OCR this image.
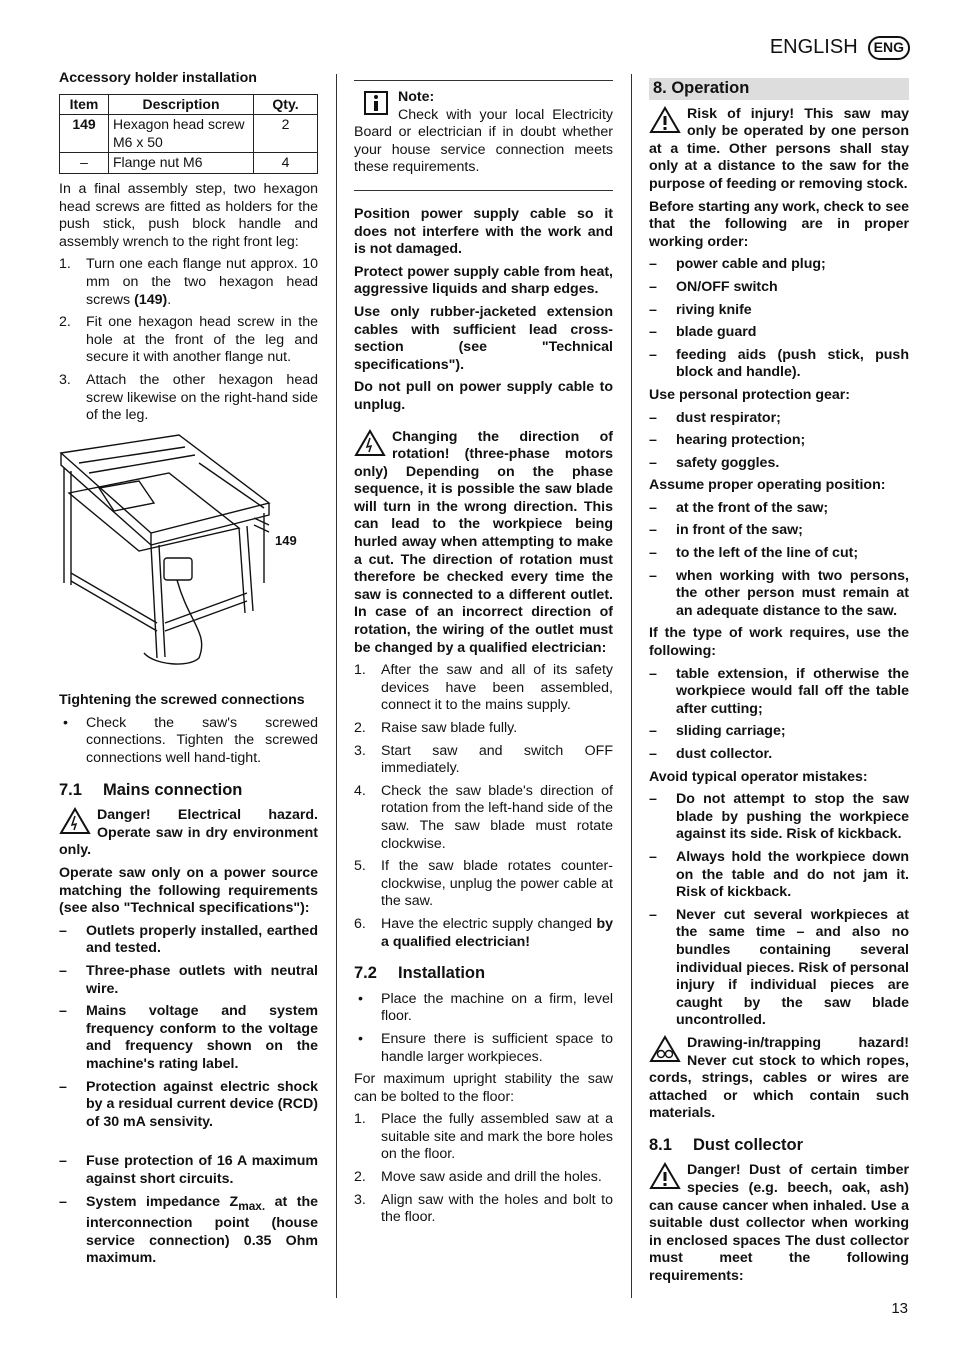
ENGLISH	ENG
Accessory holder installation
Item	Description	Qty.
149	Hexagon head screw M6 x 50	2
–	Flange nut M6	4

In a final assembly step, two hexagon head screws are fitted as holders for the push stick, push block handle and assembly wrench to the right front leg:

1.	Turn one each flange nut approx. 10 mm on the two hexagon head screws (149).
2.	Fit one hexagon head screw in the hole at the front of the leg and secure it with another flange nut.
3.	Attach the other hexagon head screw likewise on the right-hand side of the leg.
149
Tightening the screwed connections
•	Check the saw's screwed connections. Tighten the screwed connections well hand-tight.
7.1 Mains connection

Danger! Electrical hazard. Operate saw in dry environment only.

Operate saw only on a power source matching the following requirements (see also "Technical specifications"):

–	Outlets properly installed, earthed and tested.
–	Three-phase outlets with neutral wire.
–	Mains voltage and system frequency conform to the voltage and frequency shown on the machine's rating label.
–	Protection against electric shock by a residual current device (RCD) of 30 mA sensivity.
–	Fuse protection of 16 A maximum against short circuits.
–	System impedance $Z_{max.}$ at the interconnection point (house service connection) 0.35 Ohm maximum.
Note:

Check with your local Electricity Board or electrician if in doubt whether your house service connection meets these requirements.

Position power supply cable so it does not interfere with the work and is not damaged.

Protect power supply cable from heat, aggressive liquids and sharp edges.

Use only rubber-jacketed extension cables with sufficient lead cross-section (see "Technical specifications").

Do not pull on power supply cable to unplug.

Changing the direction of rotation! (three-phase motors only) Depending on the phase sequence, it is possible the saw blade will turn in the wrong direction. This can lead to the workpiece being hurled away when attempting to make a cut. The direction of rotation must therefore be checked every time the saw is connected to a different outlet. In case of an incorrect direction of rotation, the wiring of the outlet must be changed by a qualified electrician:

1.	After the saw and all of its safety devices have been assembled, connect it to the mains supply.
2.	Raise saw blade fully.
3.	Start saw and switch OFF immediately.
4.	Check the saw blade's direction of rotation from the left-hand side of the saw. The saw blade must rotate clockwise.
5.	If the saw blade rotates counter-clockwise, unplug the power cable at the saw.
6.	Have the electric supply changed by a qualified electrician!
7.2 Installation
•	Place the machine on a firm, level floor.
•	Ensure there is sufficient space to handle larger workpieces.

For maximum upright stability the saw can be bolted to the floor:

1.	Place the fully assembled saw at a suitable site and mark the bore holes on the floor.
2.	Move saw aside and drill the holes.
3.	Align saw with the holes and bolt to the floor.
8. Operation

Risk of injury! This saw may only be operated by one person at a time. Other persons shall stay only at a distance to the saw for the purpose of feeding or removing stock.

Before starting any work, check to see that the following are in proper working order:

–	power cable and plug;
–	ON/OFF switch
–	riving knife
–	blade guard
–	feeding aids (push stick, push block and handle).

Use personal protection gear:

–	dust respirator;
–	hearing protection;
–	safety goggles.

Assume proper operating position:

–	at the front of the saw;
–	in front of the saw;
–	to the left of the line of cut;
–	when working with two persons, the other person must remain at an adequate distance to the saw.

If the type of work requires, use the following:

–	table extension, if otherwise the workpiece would fall off the table after cutting;
–	sliding carriage;
–	dust collector.

Avoid typical operator mistakes:

–	Do not attempt to stop the saw blade by pushing the workpiece against its side. Risk of kickback.
–	Always hold the workpiece down on the table and do not jam it. Risk of kickback.
–	Never cut several workpieces at the same time – and also no bundles containing several individual pieces. Risk of personal injury if individual pieces are caught by the saw blade uncontrolled.

Drawing-in/trapping hazard! Never cut stock to which ropes, cords, strings, cables or wires are attached or which contain such materials.

8.1 Dust collector

Danger! Dust of certain timber species (e.g. beech, oak, ash) can cause cancer when inhaled. Use a suitable dust collector when working in enclosed spaces The dust collector must meet the following requirements:

13
